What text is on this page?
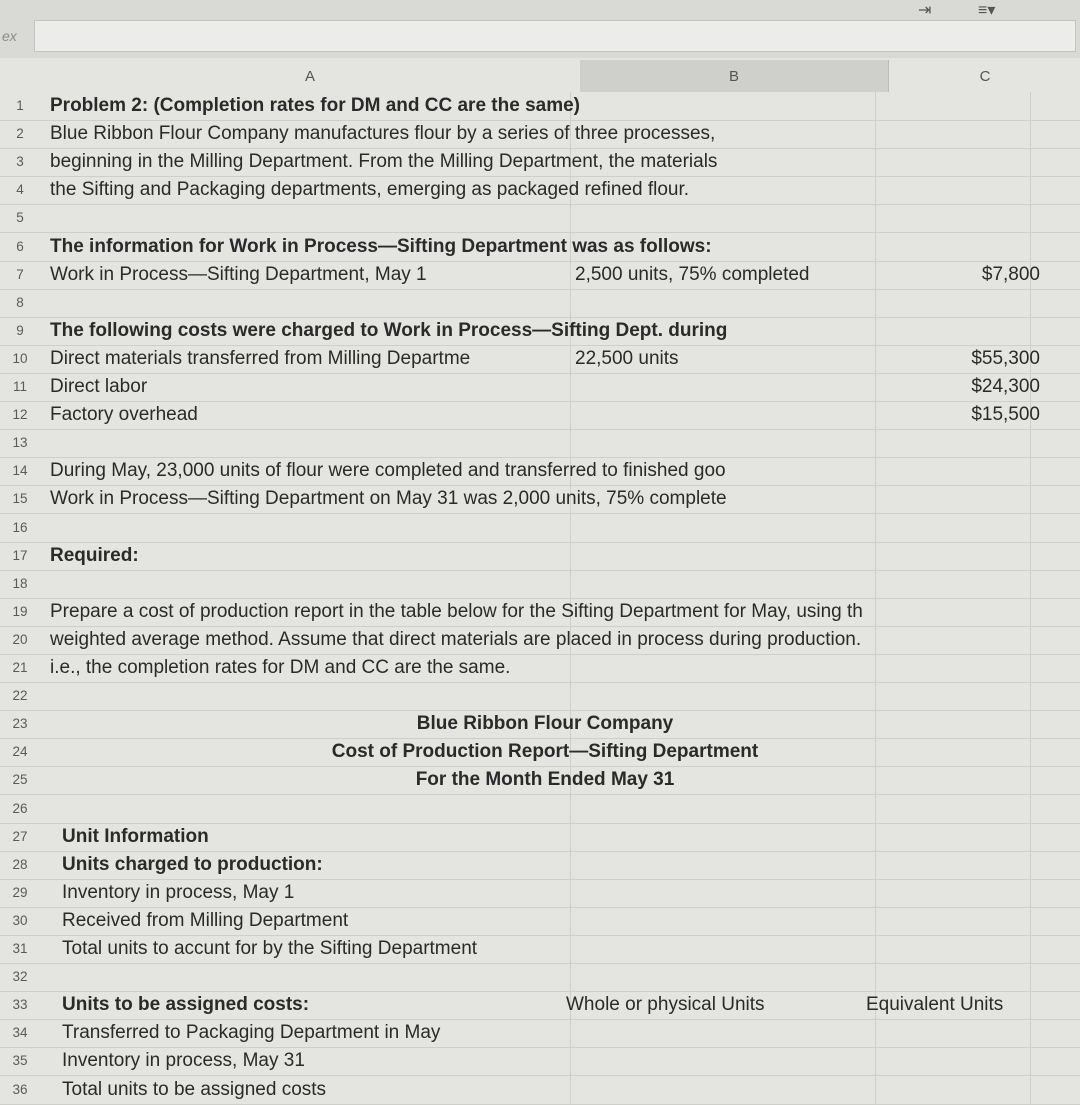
ex
⇥	≡▾
A	B	C
1	Problem 2: (Completion rates for DM and CC are the same)
2	Blue Ribbon Flour Company manufactures flour by a series of three processes,
3	beginning in the Milling Department. From the Milling Department, the materials
4	the Sifting and Packaging departments, emerging as packaged refined flour.
5
6	The information for Work in Process—Sifting Department was as follows:
7	Work in Process—Sifting Department, May 1	2,500 units, 75% completed	$7,800
8
9	The following costs were charged to Work in Process—Sifting Dept. during
10	Direct materials transferred from Milling Departme	22,500 units	$55,300
11	Direct labor	$24,300
12	Factory overhead	$15,500
13
14	During May, 23,000 units of flour were completed and transferred to finished goo
15	Work in Process—Sifting Department on May 31 was 2,000 units, 75% complete
16
17	Required:
18
19	Prepare a cost of production report in the table below for the Sifting Department for May, using th
20	weighted average method. Assume that direct materials are placed in process during production.
21	i.e., the completion rates for DM and CC are the same.
22
23	Blue Ribbon Flour Company
24	Cost of Production Report—Sifting Department
25	For the Month Ended May 31
26
27	Unit Information
28	Units charged to production:
29	Inventory in process, May 1
30	Received from Milling Department
31	Total units to accunt for by the Sifting Department
32
33	Units to be assigned costs:	Whole or physical Units	Equivalent Units
34	Transferred to Packaging Department in May
35	Inventory in process, May 31
36	Total units to be assigned costs
